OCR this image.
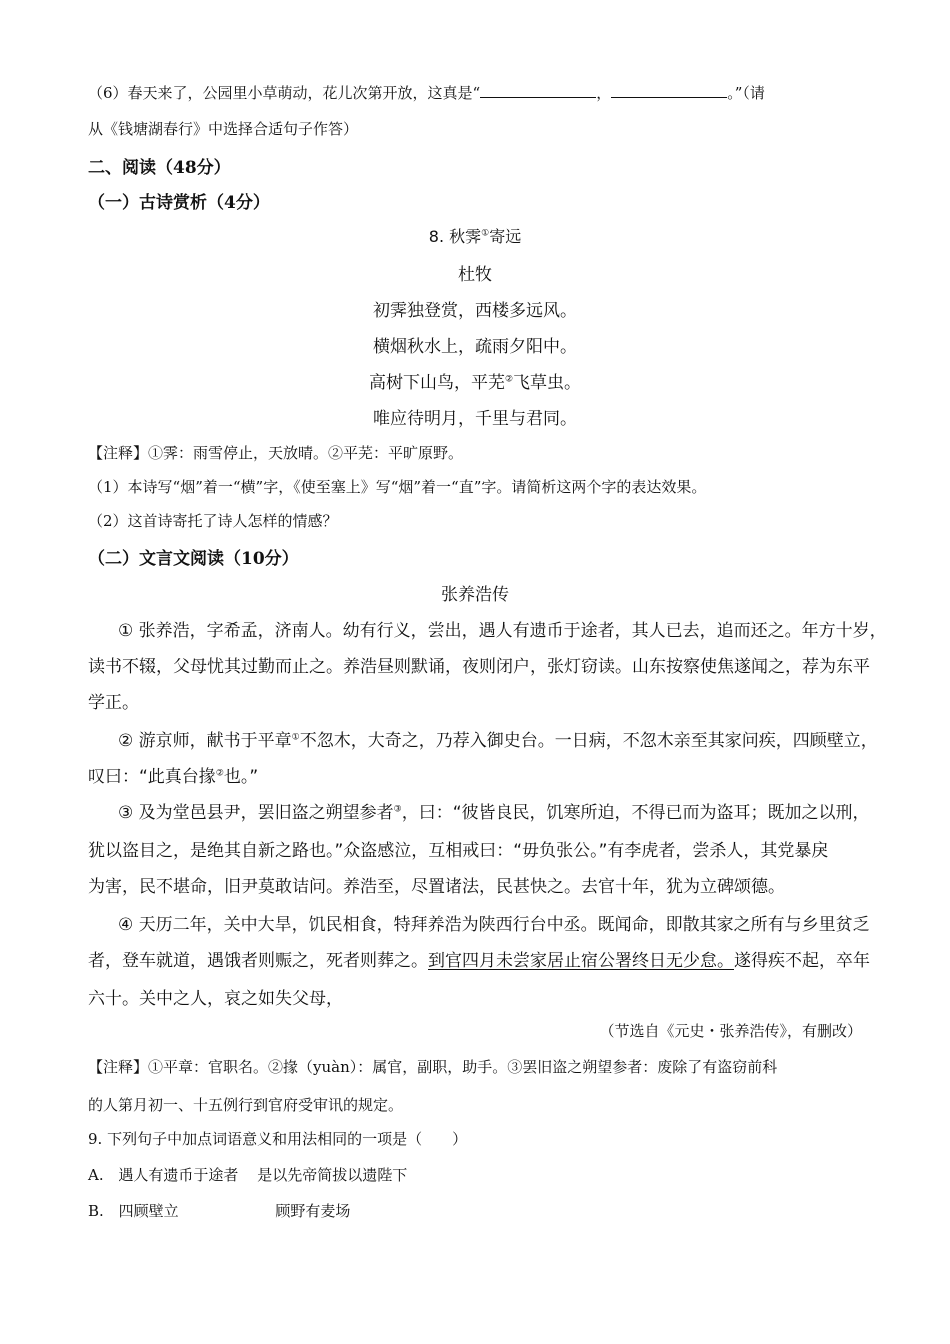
（6）春天来了，公园里小草萌动，花儿次第开放，这真是“	，	。”（请
从《钱塘湖春行》中选择合适句子作答）
二、阅读（48分）
（一）古诗赏析（4分）
8. 秋霁①寄远
杜牧
初霁独登赏，西楼多远风。
横烟秋水上，疏雨夕阳中。
高树下山鸟，平芜②飞草虫。
唯应待明月，千里与君同。
【注释】①霁：雨雪停止，天放晴。②平芜：平旷原野。
（1）本诗写“烟”着一“横”字，《使至塞上》写“烟”着一“直”字。请简析这两个字的表达效果。
（2）这首诗寄托了诗人怎样的情感？
（二）文言文阅读（10分）
张养浩传
① 张养浩，字希孟，济南人。幼有行义，尝出，遇人有遗币于途者，其人已去，追而还之。年方十岁，
读书不辍，父母忧其过勤而止之。养浩昼则默诵，夜则闭户，张灯窃读。山东按察使焦遂闻之，荐为东平
学正。
② 游京师，献书于平章①不忽木，大奇之，乃荐入御史台。一日病，不忽木亲至其家问疾，四顾壁立，
叹曰：“此真台掾②也。”
③ 及为堂邑县尹，罢旧盗之朔望参者③，曰：“彼皆良民，饥寒所迫，不得已而为盗耳；既加之以刑，
犹以盗目之，是绝其自新之路也。”众盗感泣，互相戒曰：“毋负张公。”有李虎者，尝杀人，其党暴戾
为害，民不堪命，旧尹莫敢诘问。养浩至，尽置诸法，民甚快之。去官十年，犹为立碑颂德。
④ 天历二年，关中大旱，饥民相食，特拜养浩为陕西行台中丞。既闻命，即散其家之所有与乡里贫乏
者，登车就道，遇饿者则赈之，死者则葬之。到官四月未尝家居止宿公署终日无少怠。遂得疾不起，卒年
六十。关中之人，哀之如失父母，
（节选自《元史・张养浩传》，有删改）
【注释】①平章：官职名。②掾（yuàn）：属官，副职，助手。③罢旧盗之朔望参者：废除了有盗窃前科
的人第月初一、十五例行到官府受审讯的规定。
9. 下列句子中加点词语意义和用法相同的一项是（　　）
A. 遇人有遗币于途者 是以先帝简拔以遗陛下
B. 四顾壁立	顾野有麦场
